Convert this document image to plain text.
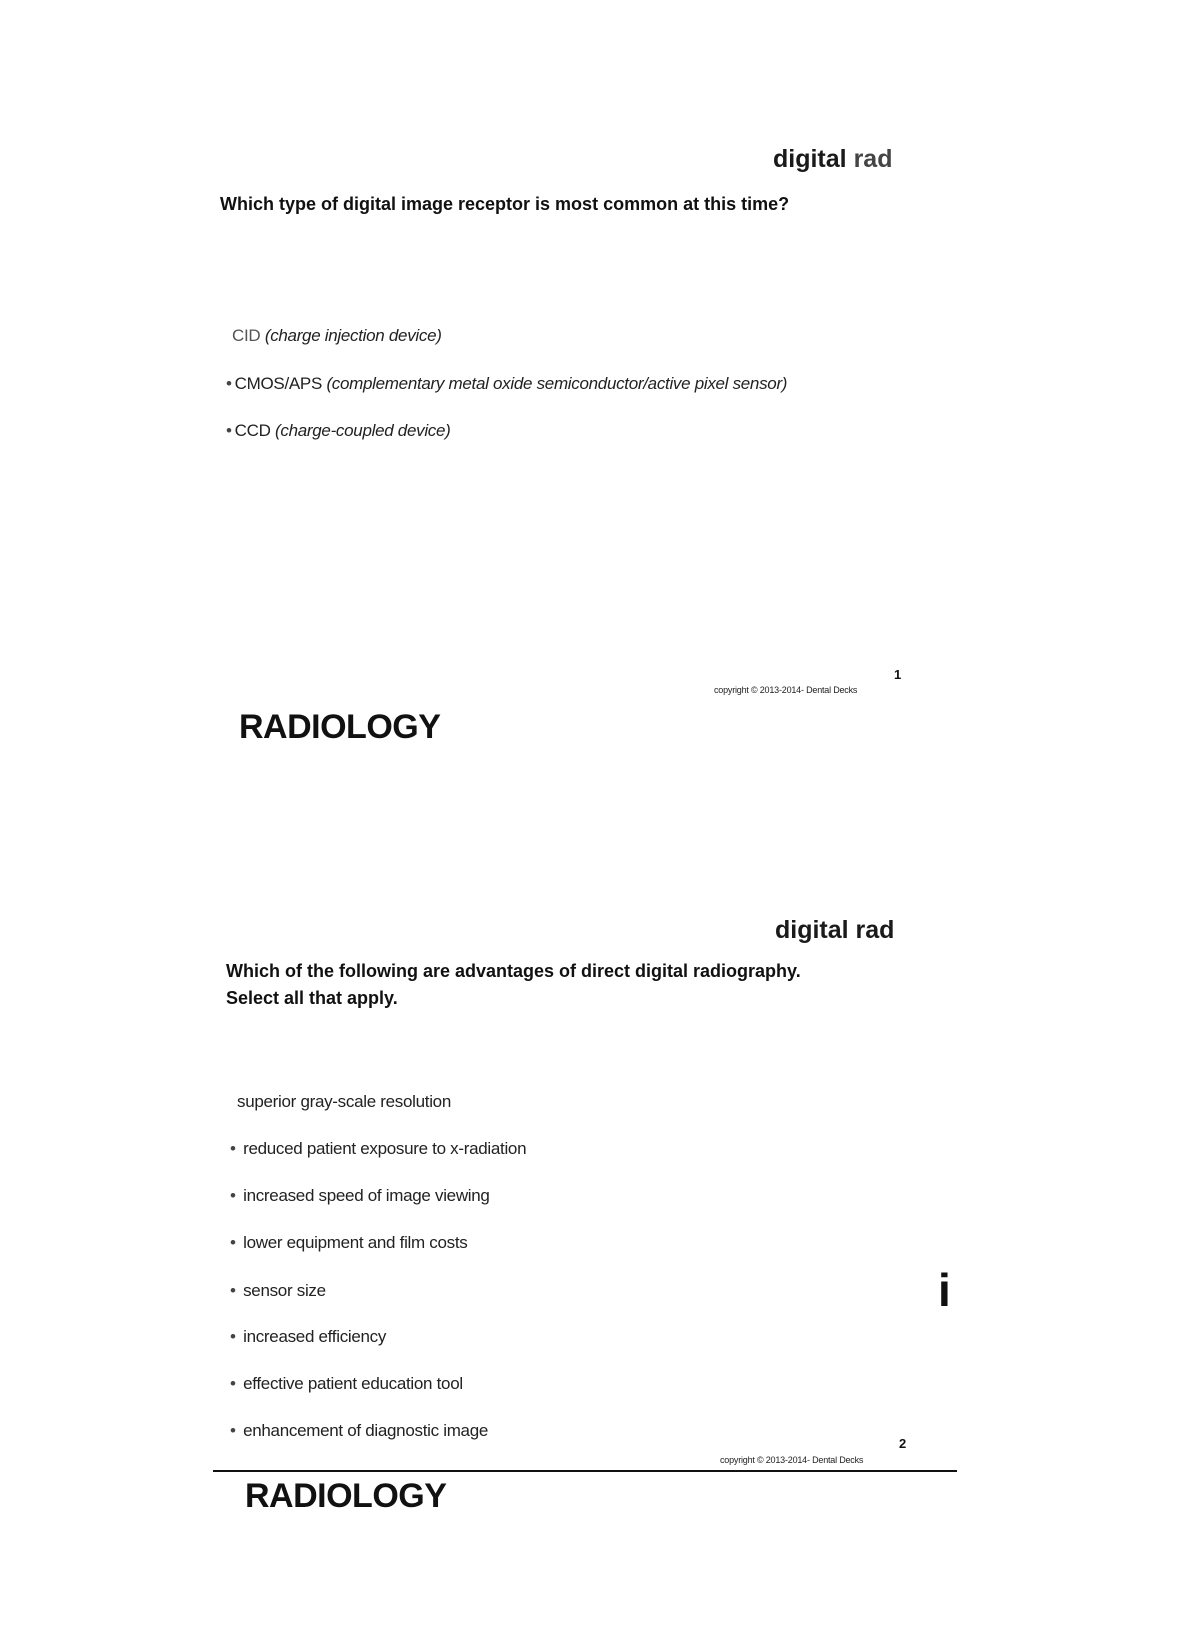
digital rad
Which type of digital image receptor is most common at this time?
CID (charge injection device)
• CMOS/APS (complementary metal oxide semiconductor/active pixel sensor)
• CCD (charge-coupled device)
1
copyright © 2013-2014- Dental Decks
RADIOLOGY
digital rad
Which of the following are advantages of direct digital radiography.
Select all that apply.
superior gray-scale resolution
• reduced patient exposure to x-radiation
• increased speed of image viewing
• lower equipment and film costs
• sensor size
• increased efficiency
• effective patient education tool
• enhancement of diagnostic image
i
2
copyright © 2013-2014- Dental Decks
RADIOLOGY
